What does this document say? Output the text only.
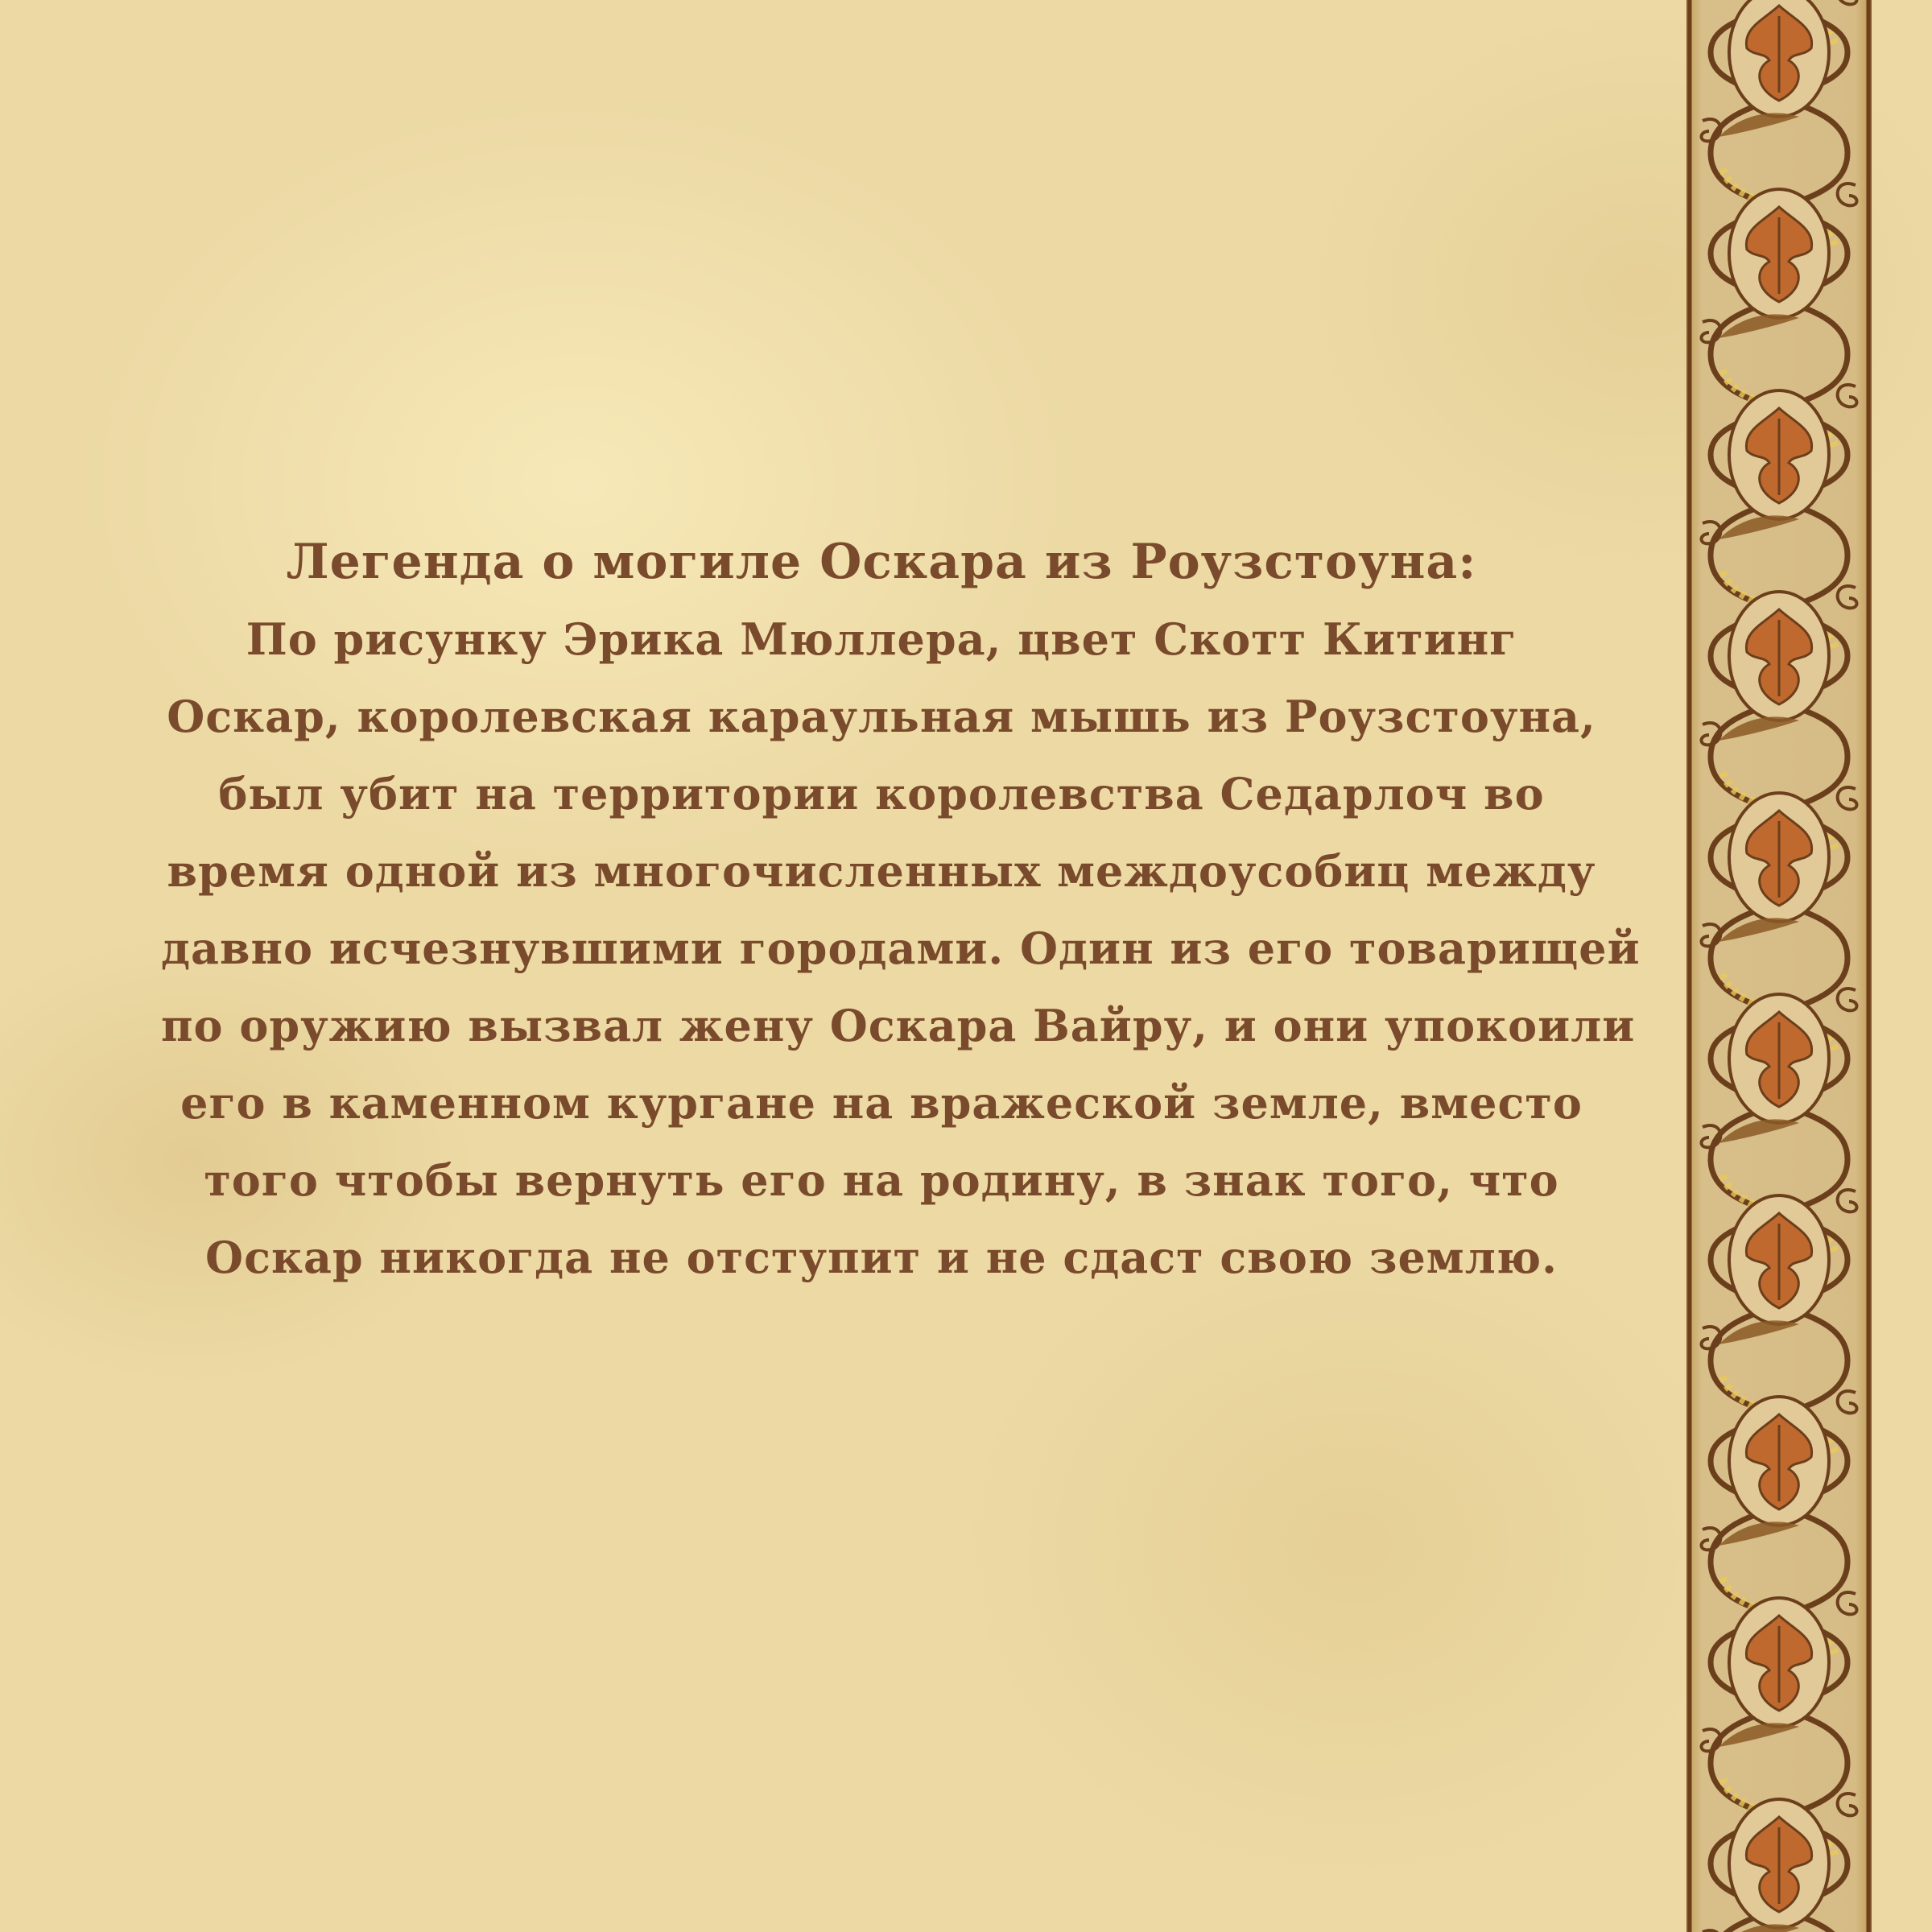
Легенда о могиле Оскара из Роузстоуна:

По рисунку Эрика Мюллера, цвет Скотт Китинг

Оскар, королевская караульная мышь из Роузстоуна,

был убит на территории королевства Седарлоч во

время одной из многочисленных междоусобиц между

давно исчезнувшими городами. Один из его товарищей

по оружию вызвал жену Оскара Вайру, и они упокоили

его в каменном кургане на вражеской земле, вместо

того чтобы вернуть его на родину, в знак того, что

Оскар никогда не отступит и не сдаст свою землю.
